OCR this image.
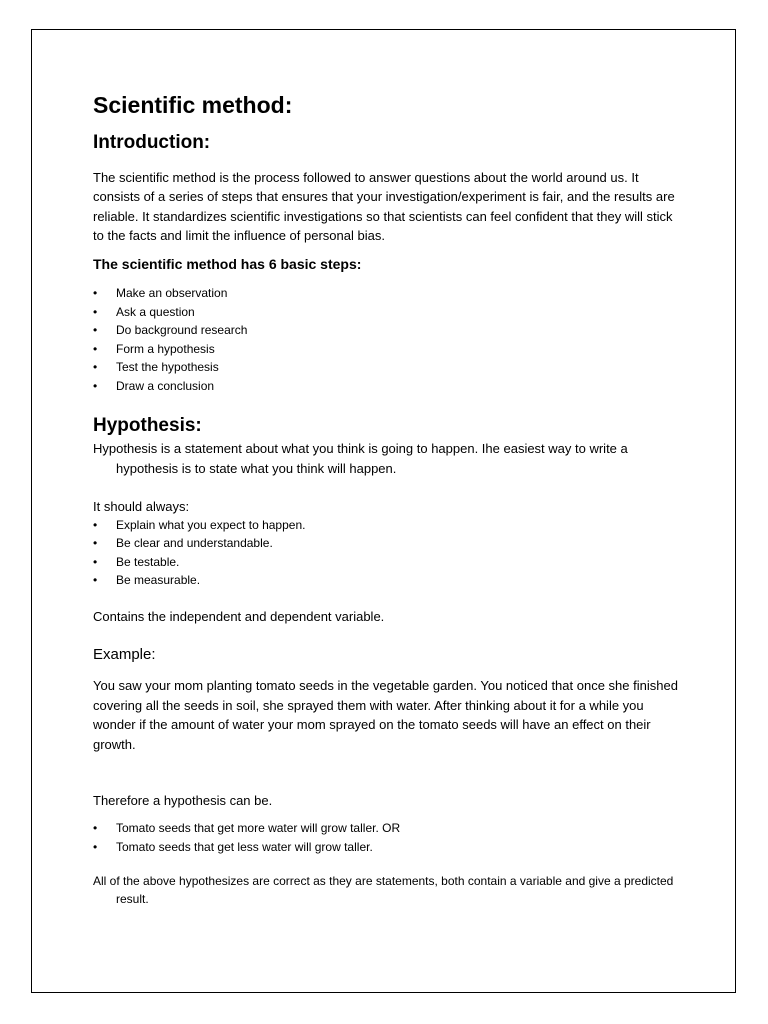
Scientific method:
Introduction:

The scientific method is the process followed to answer questions about the world around us. It consists of a series of steps that ensures that your investigation/experiment is fair, and the results are reliable. It standardizes scientific investigations so that scientists can feel confident that they will stick to the facts and limit the influence of personal bias.

The scientific method has 6 basic steps:
• Make an observation
• Ask a question
• Do background research
• Form a hypothesis
• Test the hypothesis
• Draw a conclusion
Hypothesis:

Hypothesis is a statement about what you think is going to happen. Ihe easiest way to write a hypothesis is to state what you think will happen.

It should always:

• Explain what you expect to happen.
• Be clear and understandable.
• Be testable.
• Be measurable.

Contains the independent and dependent variable.

Example:

You saw your mom planting tomato seeds in the vegetable garden. You noticed that once she finished covering all the seeds in soil, she sprayed them with water. After thinking about it for a while you wonder if the amount of water your mom sprayed on the tomato seeds will have an effect on their growth.

Therefore a hypothesis can be.

• Tomato seeds that get more water will grow taller. OR
• Tomato seeds that get less water will grow taller.

All of the above hypothesizes are correct as they are statements, both contain a variable and give a predicted result.
